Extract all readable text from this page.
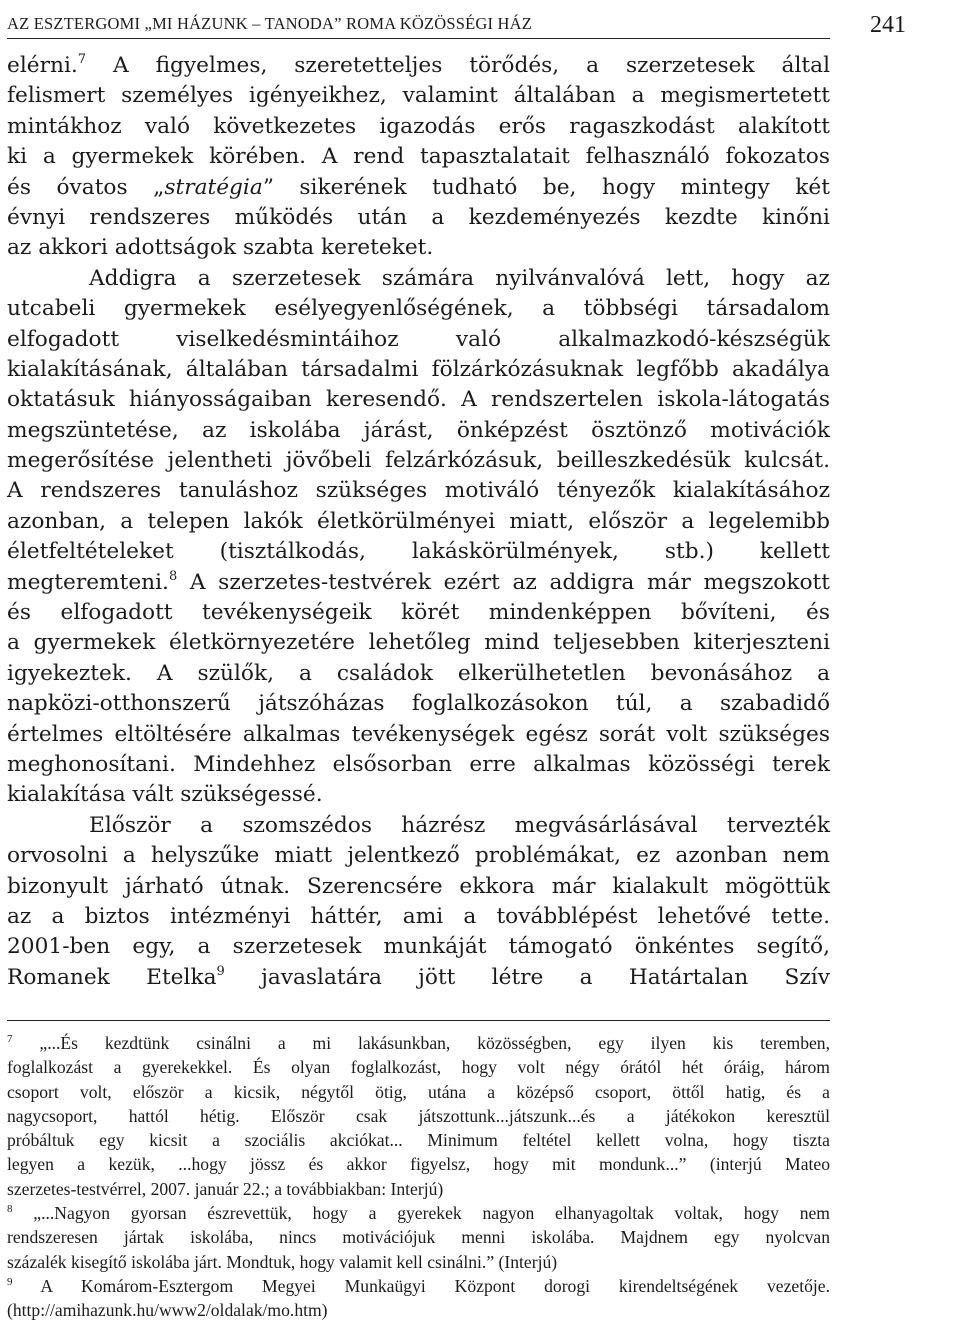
AZ ESZTERGOMI „MI HÁZUNK – TANODA” ROMA KÖZÖSSÉGI HÁZ	241
elérni.$^7$ A figyelmes, szeretetteljes törődés, a szerzetesek által
felismert személyes igényeikhez, valamint általában a megismertetett
mintákhoz való következetes igazodás erős ragaszkodást alakított
ki a gyermekek körében. A rend tapasztalatait felhasználó fokozatos
és óvatos „stratégia” sikerének tudható be, hogy mintegy két
évnyi rendszeres működés után a kezdeményezés kezdte kinőni
az akkori adottságok szabta kereteket.
Addigra a szerzetesek számára nyilvánvalóvá lett, hogy az
utcabeli gyermekek esélyegyenlőségének, a többségi társadalom
elfogadott viselkedésmintáihoz való alkalmazkodó-készségük
kialakításának, általában társadalmi fölzárkózásuknak legfőbb akadálya
oktatásuk hiányosságaiban keresendő. A rendszertelen iskola-látogatás
megszüntetése, az iskolába járást, önképzést ösztönző motivációk
megerősítése jelentheti jövőbeli felzárkózásuk, beilleszkedésük kulcsát.
A rendszeres tanuláshoz szükséges motiváló tényezők kialakításához
azonban, a telepen lakók életkörülményei miatt, először a legelemibb
életfeltételeket (tisztálkodás, lakáskörülmények, stb.) kellett
megteremteni.$^8$ A szerzetes-testvérek ezért az addigra már megszokott
és elfogadott tevékenységeik körét mindenképpen bővíteni, és
a gyermekek életkörnyezetére lehetőleg mind teljesebben kiterjeszteni
igyekeztek. A szülők, a családok elkerülhetetlen bevonásához a
napközi-otthonszerű játszóházas foglalkozásokon túl, a szabadidő
értelmes eltöltésére alkalmas tevékenységek egész sorát volt szükséges
meghonosítani. Mindehhez elsősorban erre alkalmas közösségi terek
kialakítása vált szükségessé.
Először a szomszédos házrész megvásárlásával tervezték
orvosolni a helyszűke miatt jelentkező problémákat, ez azonban nem
bizonyult járható útnak. Szerencsére ekkora már kialakult mögöttük
az a biztos intézményi háttér, ami a továbblépést lehetővé tette.
2001-ben egy, a szerzetesek munkáját támogató önkéntes segítő,
Romanek Etelka$^9$ javaslatára jött létre a Határtalan Szív
$^7$ „...És kezdtünk csinálni a mi lakásunkban, közösségben, egy ilyen kis teremben,
foglalkozást a gyerekekkel. És olyan foglalkozást, hogy volt négy órától hét óráig, három
csoport volt, először a kicsik, négytől ötig, utána a középső csoport, öttől hatig, és a
nagycsoport, hattól hétig. Először csak játszottunk...játszunk...és a játékokon keresztül
próbáltuk egy kicsit a szociális akciókat... Minimum feltétel kellett volna, hogy tiszta
legyen a kezük, ...hogy jössz és akkor figyelsz, hogy mit mondunk...” (interjú Mateo
szerzetes-testvérrel, 2007. január 22.; a továbbiakban: Interjú)
$^8$ „...Nagyon gyorsan észrevettük, hogy a gyerekek nagyon elhanyagoltak voltak, hogy nem
rendszeresen jártak iskolába, nincs motivációjuk menni iskolába. Majdnem egy nyolcvan
százalék kisegítő iskolába járt. Mondtuk, hogy valamit kell csinálni.” (Interjú)
$^9$ A Komárom-Esztergom Megyei Munkaügyi Központ dorogi kirendeltségének vezetője.
(http://amihazunk.hu/www2/oldalak/mo.htm)
